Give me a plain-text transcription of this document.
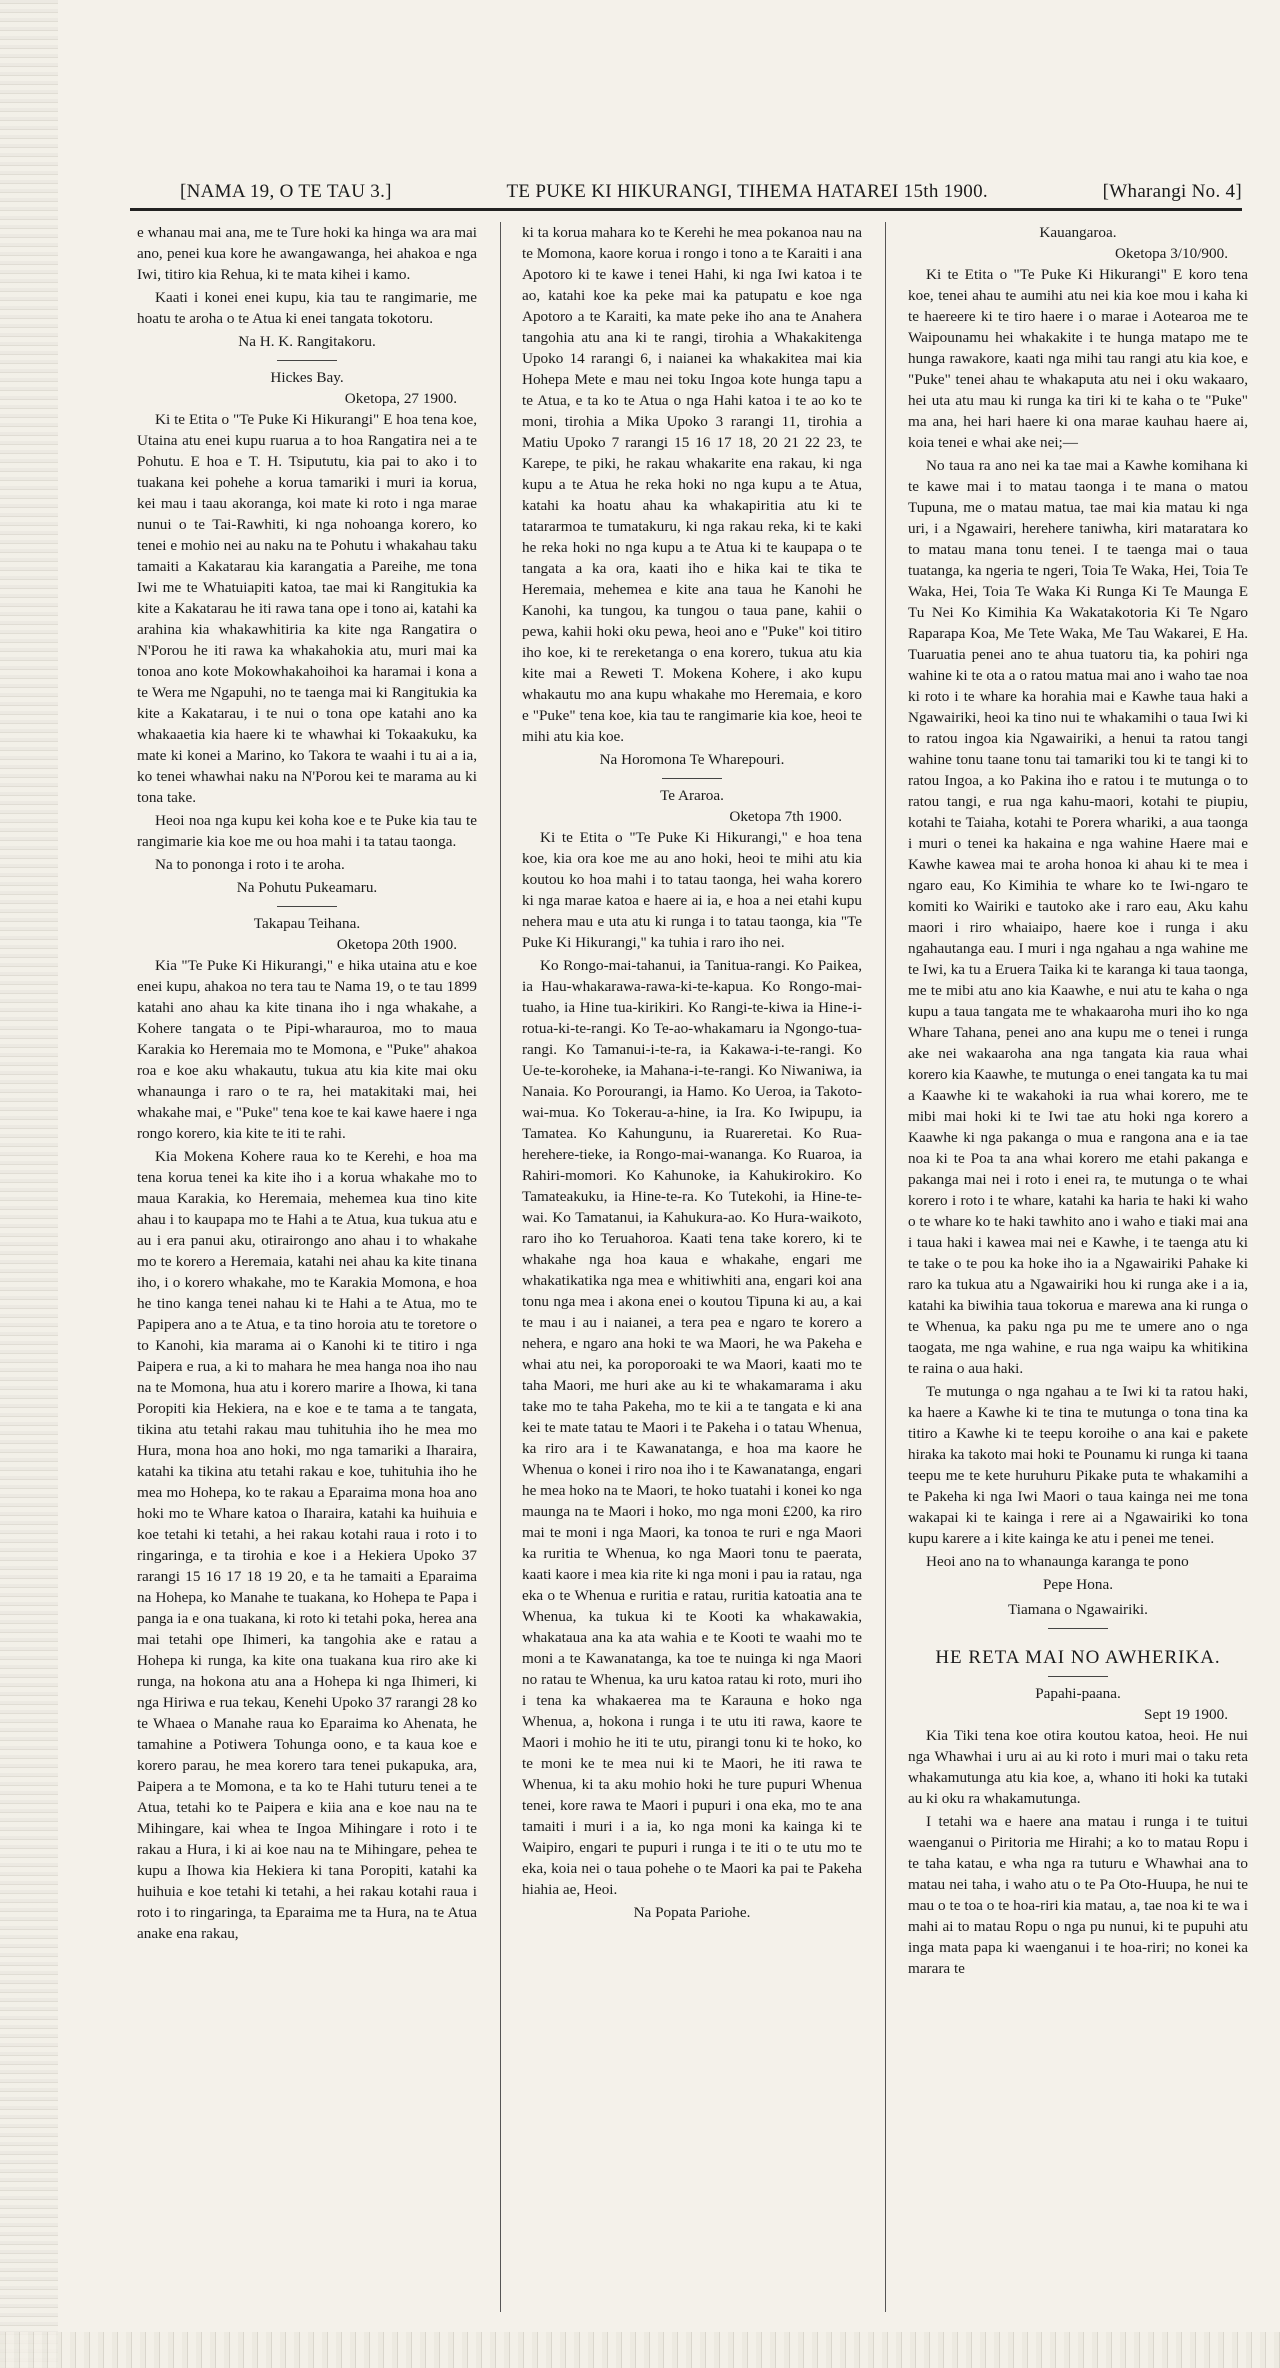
[NAMA 19, O TE TAU 3.]	TE PUKE KI HIKURANGI, TIHEMA HATAREI 15th 1900.	[Wharangi No. 4]

e whanau mai ana, me te Ture hoki ka hinga wa ara mai ano, penei kua kore he awangawanga, hei ahakoa e nga Iwi, titiro kia Rehua, ki te mata kihei i kamo.

Kaati i konei enei kupu, kia tau te rangimarie, me hoatu te aroha o te Atua ki enei tangata tokotoru.

Na H. K. Rangitakoru.

Hickes Bay.

Oketopa, 27 1900.

Ki te Etita o "Te Puke Ki Hikurangi" E hoa tena koe, Utaina atu enei kupu ruarua a to hoa Rangatira nei a te Pohutu. E hoa e T. H. Tsipututu, kia pai to ako i to tuakana kei pohehe a korua tamariki i muri ia korua, kei mau i taau akoranga, koi mate ki roto i nga marae nunui o te Tai-Rawhiti, ki nga nohoanga korero, ko tenei e mohio nei au naku na te Pohutu i whakahau taku tamaiti a Kakatarau kia karangatia a Pareihe, me tona Iwi me te Whatuiapiti katoa, tae mai ki Rangitukia ka kite a Kakatarau he iti rawa tana ope i tono ai, katahi ka arahina kia whakawhitiria ka kite nga Rangatira o N'Porou he iti rawa ka whakahokia atu, muri mai ka tonoa ano kote Mokowhakahoihoi ka haramai i kona a te Wera me Ngapuhi, no te taenga mai ki Rangitukia ka kite a Kakatarau, i te nui o tona ope katahi ano ka whakaaetia kia haere ki te whawhai ki Tokaakuku, ka mate ki konei a Marino, ko Takora te waahi i tu ai a ia, ko tenei whawhai naku na N'Porou kei te marama au ki tona take.

Heoi noa nga kupu kei koha koe e te Puke kia tau te rangimarie kia koe me ou hoa mahi i ta tatau taonga.

Na to pononga i roto i te aroha.

Na Pohutu Pukeamaru.

Takapau Teihana.

Oketopa 20th 1900.

Kia "Te Puke Ki Hikurangi," e hika utaina atu e koe enei kupu, ahakoa no tera tau te Nama 19, o te tau 1899 katahi ano ahau ka kite tinana iho i nga whakahe, a Kohere tangata o te Pipi-wharauroa, mo to maua Karakia ko Heremaia mo te Momona, e "Puke" ahakoa roa e koe aku whakautu, tukua atu kia kite mai oku whanaunga i raro o te ra, hei matakitaki mai, hei whakahe mai, e "Puke" tena koe te kai kawe haere i nga rongo korero, kia kite te iti te rahi.

Kia Mokena Kohere raua ko te Kerehi, e hoa ma tena korua tenei ka kite iho i a korua whakahe mo to maua Karakia, ko Heremaia, mehemea kua tino kite ahau i to kaupapa mo te Hahi a te Atua, kua tukua atu e au i era panui aku, otirairongo ano ahau i to whakahe mo te korero a Heremaia, katahi nei ahau ka kite tinana iho, i o korero whakahe, mo te Karakia Momona, e hoa he tino kanga tenei nahau ki te Hahi a te Atua, mo te Papipera ano a te Atua, e ta tino horoia atu te toretore o to Kanohi, kia marama ai o Kanohi ki te titiro i nga Paipera e rua, a ki to mahara he mea hanga noa iho nau na te Momona, hua atu i korero marire a Ihowa, ki tana Poropiti kia Hekiera, na e koe e te tama a te tangata, tikina atu tetahi rakau mau tuhituhia iho he mea mo Hura, mona hoa ano hoki, mo nga tamariki a Iharaira, katahi ka tikina atu tetahi rakau e koe, tuhituhia iho he mea mo Hohepa, ko te rakau a Eparaima mona hoa ano hoki mo te Whare katoa o Iharaira, katahi ka huihuia e koe tetahi ki tetahi, a hei rakau kotahi raua i roto i to ringaringa, e ta tirohia e koe i a Hekiera Upoko 37 rarangi 15 16 17 18 19 20, e ta he tamaiti a Eparaima na Hohepa, ko Manahe te tuakana, ko Hohepa te Papa i panga ia e ona tuakana, ki roto ki tetahi poka, herea ana mai tetahi ope Ihimeri, ka tangohia ake e ratau a Hohepa ki runga, ka kite ona tuakana kua riro ake ki runga, na hokona atu ana a Hohepa ki nga Ihimeri, ki nga Hiriwa e rua tekau, Kenehi Upoko 37 rarangi 28 ko te Whaea o Manahe raua ko Eparaima ko Ahenata, he tamahine a Potiwera Tohunga oono, e ta kaua koe e korero parau, he mea korero tara tenei pukapuka, ara, Paipera a te Momona, e ta ko te Hahi tuturu tenei a te Atua, tetahi ko te Paipera e kiia ana e koe nau na te Mihingare, kai whea te Ingoa Mihingare i roto i te rakau a Hura, i ki ai koe nau na te Mihingare, pehea te kupu a Ihowa kia Hekiera ki tana Poropiti, katahi ka huihuia e koe tetahi ki tetahi, a hei rakau kotahi raua i roto i to ringaringa, ta Eparaima me ta Hura, na te Atua anake ena rakau,

ki ta korua mahara ko te Kerehi he mea pokanoa nau na te Momona, kaore korua i rongo i tono a te Karaiti i ana Apotoro ki te kawe i tenei Hahi, ki nga Iwi katoa i te ao, katahi koe ka peke mai ka patupatu e koe nga Apotoro a te Karaiti, ka mate peke iho ana te Anahera tangohia atu ana ki te rangi, tirohia a Whakakitenga Upoko 14 rarangi 6, i naianei ka whakakitea mai kia Hohepa Mete e mau nei toku Ingoa kote hunga tapu a te Atua, e ta ko te Atua o nga Hahi katoa i te ao ko te moni, tirohia a Mika Upoko 3 rarangi 11, tirohia a Matiu Upoko 7 rarangi 15 16 17 18, 20 21 22 23, te Karepe, te piki, he rakau whakarite ena rakau, ki nga kupu a te Atua he reka hoki no nga kupu a te Atua, katahi ka hoatu ahau ka whakapiritia atu ki te tatararmoa te tumatakuru, ki nga rakau reka, ki te kaki he reka hoki no nga kupu a te Atua ki te kaupapa o te tangata a ka ora, kaati iho e hika kai te tika te Heremaia, mehemea e kite ana taua he Kanohi he Kanohi, ka tungou, ka tungou o taua pane, kahii o pewa, kahii hoki oku pewa, heoi ano e "Puke" koi titiro iho koe, ki te rereketanga o ena korero, tukua atu kia kite mai a Reweti T. Mokena Kohere, i ako kupu whakautu mo ana kupu whakahe mo Heremaia, e koro e "Puke" tena koe, kia tau te rangimarie kia koe, heoi te mihi atu kia koe.

Na Horomona Te Wharepouri.

Te Araroa.

Oketopa 7th 1900.

Ki te Etita o "Te Puke Ki Hikurangi," e hoa tena koe, kia ora koe me au ano hoki, heoi te mihi atu kia koutou ko hoa mahi i to tatau taonga, hei waha korero ki nga marae katoa e haere ai ia, e hoa a nei etahi kupu nehera mau e uta atu ki runga i to tatau taonga, kia "Te Puke Ki Hikurangi," ka tuhia i raro iho nei.

Ko Rongo-mai-tahanui, ia Tanitua-rangi. Ko Paikea, ia Hau-whakarawa-rawa-ki-te-kapua. Ko Rongo-mai-tuaho, ia Hine tua-kirikiri. Ko Rangi-te-kiwa ia Hine-i-rotua-ki-te-rangi. Ko Te-ao-whakamaru ia Ngongo-tua-rangi. Ko Tamanui-i-te-ra, ia Kakawa-i-te-rangi. Ko Ue-te-koroheke, ia Mahana-i-te-rangi. Ko Niwaniwa, ia Nanaia. Ko Porourangi, ia Hamo. Ko Ueroa, ia Takoto-wai-mua. Ko Tokerau-a-hine, ia Ira. Ko Iwipupu, ia Tamatea. Ko Kahungunu, ia Ruareretai. Ko Rua-herehere-tieke, ia Rongo-mai-wananga. Ko Ruaroa, ia Rahiri-momori. Ko Kahunoke, ia Kahukirokiro. Ko Tamateakuku, ia Hine-te-ra. Ko Tutekohi, ia Hine-te-wai. Ko Tamatanui, ia Kahukura-ao. Ko Hura-waikoto, raro iho ko Teruahoroa. Kaati tena take korero, ki te whakahe nga hoa kaua e whakahe, engari me whakatikatika nga mea e whitiwhiti ana, engari koi ana tonu nga mea i akona enei o koutou Tipuna ki au, a kai te mau i au i naianei, a tera pea e ngaro te korero a nehera, e ngaro ana hoki te wa Maori, he wa Pakeha e whai atu nei, ka poroporoaki te wa Maori, kaati mo te taha Maori, me huri ake au ki te whakamarama i aku take mo te taha Pakeha, mo te kii a te tangata e ki ana kei te mate tatau te Maori i te Pakeha i o tatau Whenua, ka riro ara i te Kawanatanga, e hoa ma kaore he Whenua o konei i riro noa iho i te Kawanatanga, engari he mea hoko na te Maori, te hoko tuatahi i konei ko nga maunga na te Maori i hoko, mo nga moni £200, ka riro mai te moni i nga Maori, ka tonoa te ruri e nga Maori ka ruritia te Whenua, ko nga Maori tonu te paerata, kaati kaore i mea kia rite ki nga moni i pau ia ratau, nga eka o te Whenua e ruritia e ratau, ruritia katoatia ana te Whenua, ka tukua ki te Kooti ka whakawakia, whakataua ana ka ata wahia e te Kooti te waahi mo te moni a te Kawanatanga, ka toe te nuinga ki nga Maori no ratau te Whenua, ka uru katoa ratau ki roto, muri iho i tena ka whakaerea ma te Karauna e hoko nga Whenua, a, hokona i runga i te utu iti rawa, kaore te Maori i mohio he iti te utu, pirangi tonu ki te hoko, ko te moni ke te mea nui ki te Maori, he iti rawa te Whenua, ki ta aku mohio hoki he ture pupuri Whenua tenei, kore rawa te Maori i pupuri i ona eka, mo te ana tamaiti i muri i a ia, ko nga moni ka kainga ki te Waipiro, engari te pupuri i runga i te iti o te utu mo te eka, koia nei o taua pohehe o te Maori ka pai te Pakeha hiahia ae, Heoi.

Na Popata Pariohe.

Kauangaroa.

Oketopa 3/10/900.

Ki te Etita o "Te Puke Ki Hikurangi" E koro tena koe, tenei ahau te aumihi atu nei kia koe mou i kaha ki te haereere ki te tiro haere i o marae i Aotearoa me te Waipounamu hei whakakite i te hunga matapo me te hunga rawakore, kaati nga mihi tau rangi atu kia koe, e "Puke" tenei ahau te whakaputa atu nei i oku wakaaro, hei uta atu mau ki runga ka tiri ki te kaha o te "Puke" ma ana, hei hari haere ki ona marae kauhau haere ai, koia tenei e whai ake nei;—

No taua ra ano nei ka tae mai a Kawhe komihana ki te kawe mai i to matau taonga i te mana o matou Tupuna, me o matau matua, tae mai kia matau ki nga uri, i a Ngawairi, herehere taniwha, kiri mataratara ko to matau mana tonu tenei. I te taenga mai o taua tuatanga, ka ngeria te ngeri, Toia Te Waka, Hei, Toia Te Waka, Hei, Toia Te Waka Ki Runga Ki Te Maunga E Tu Nei Ko Kimihia Ka Wakatakotoria Ki Te Ngaro Raparapa Koa, Me Tete Waka, Me Tau Wakarei, E Ha. Tuaruatia penei ano te ahua tuatoru tia, ka pohiri nga wahine ki te ota a o ratou matua mai ano i waho tae noa ki roto i te whare ka horahia mai e Kawhe taua haki a Ngawairiki, heoi ka tino nui te whakamihi o taua Iwi ki to ratou ingoa kia Ngawairiki, a henui ta ratou tangi wahine tonu taane tonu tai tamariki tou ki te tangi ki to ratou Ingoa, a ko Pakina iho e ratou i te mutunga o to ratou tangi, e rua nga kahu-maori, kotahi te piupiu, kotahi te Taiaha, kotahi te Porera whariki, a aua taonga i muri o tenei ka hakaina e nga wahine Haere mai e Kawhe kawea mai te aroha honoa ki ahau ki te mea i ngaro eau, Ko Kimihia te whare ko te Iwi-ngaro te komiti ko Wairiki e tautoko ake i raro eau, Aku kahu maori i riro whaiaipo, haere koe i runga i aku ngahautanga eau. I muri i nga ngahau a nga wahine me te Iwi, ka tu a Eruera Taika ki te karanga ki taua taonga, me te mibi atu ano kia Kaawhe, e nui atu te kaha o nga kupu a taua tangata me te whakaaroha muri iho ko nga Whare Tahana, penei ano ana kupu me o tenei i runga ake nei wakaaroha ana nga tangata kia raua whai korero kia Kaawhe, te mutunga o enei tangata ka tu mai a Kaawhe ki te wakahoki ia rua whai korero, me te mibi mai hoki ki te Iwi tae atu hoki nga korero a Kaawhe ki nga pakanga o mua e rangona ana e ia tae noa ki te Poa ta ana whai korero me etahi pakanga e pakanga mai nei i roto i enei ra, te mutunga o te whai korero i roto i te whare, katahi ka haria te haki ki waho o te whare ko te haki tawhito ano i waho e tiaki mai ana i taua haki i kawea mai nei e Kawhe, i te taenga atu ki te take o te pou ka hoke iho ia a Ngawairiki Pahake ki raro ka tukua atu a Ngawairiki hou ki runga ake i a ia, katahi ka biwihia taua tokorua e marewa ana ki runga o te Whenua, ka paku nga pu me te umere ano o nga taogata, me nga wahine, e rua nga waipu ka whitikina te raina o aua haki.

Te mutunga o nga ngahau a te Iwi ki ta ratou haki, ka haere a Kawhe ki te tina te mutunga o tona tina ka titiro a Kawhe ki te teepu koroihe o ana kai e pakete hiraka ka takoto mai hoki te Pounamu ki runga ki taana teepu me te kete huruhuru Pikake puta te whakamihi a te Pakeha ki nga Iwi Maori o taua kainga nei me tona wakapai ki te kainga i rere ai a Ngawairiki ko tona kupu karere a i kite kainga ke atu i penei me tenei.

Heoi ano na to whanaunga karanga te pono

Pepe Hona.

Tiamana o Ngawairiki.

HE RETA MAI NO AWHERIKA.

Papahi-paana.

Sept 19 1900.

Kia Tiki tena koe otira koutou katoa, heoi. He nui nga Whawhai i uru ai au ki roto i muri mai o taku reta whakamutunga atu kia koe, a, whano iti hoki ka tutaki au ki oku ra whakamutunga.

I tetahi wa e haere ana matau i runga i te tuitui waenganui o Piritoria me Hirahi; a ko to matau Ropu i te taha katau, e wha nga ra tuturu e Whawhai ana to matau nei taha, i waho atu o te Pa Oto-Huupa, he nui te mau o te toa o te hoa-riri kia matau, a, tae noa ki te wa i mahi ai to matau Ropu o nga pu nunui, ki te pupuhi atu inga mata papa ki waenganui i te hoa-riri; no konei ka marara te
